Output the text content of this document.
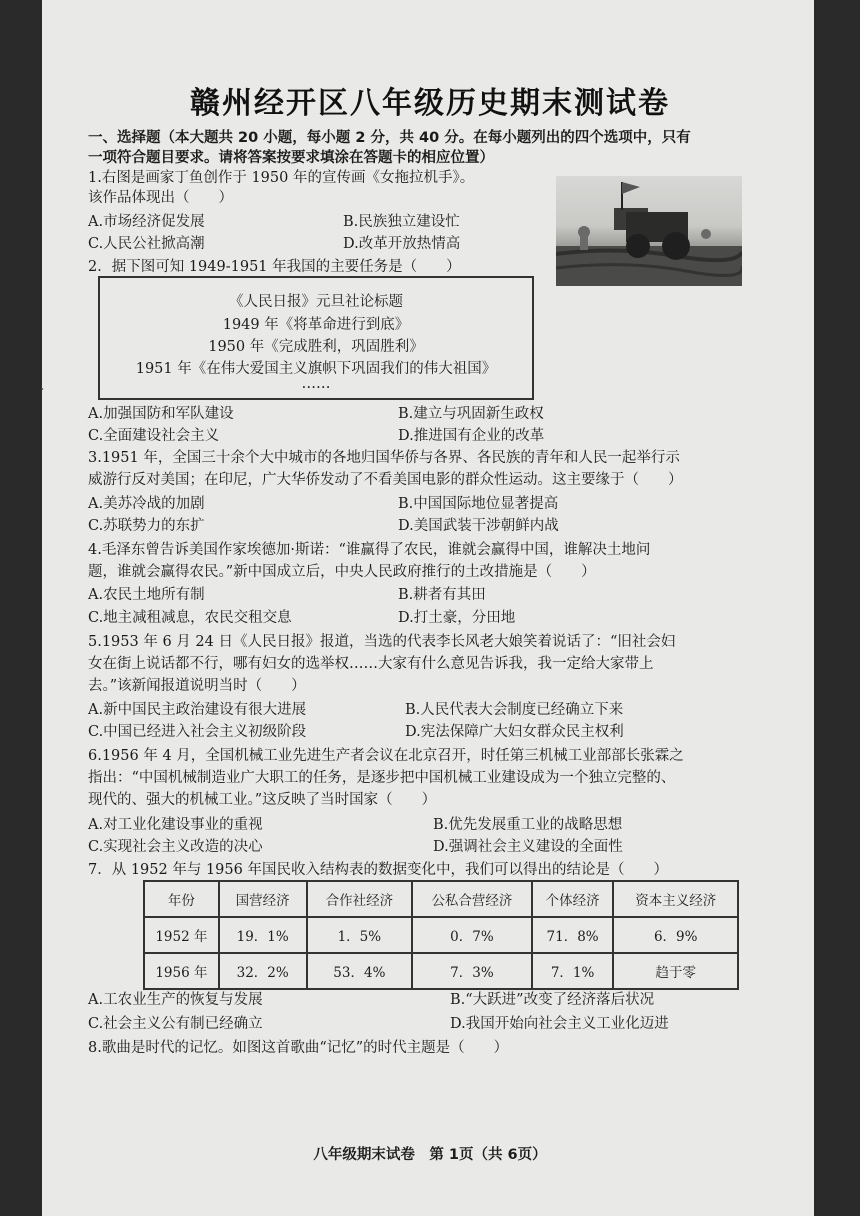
·
赣州经开区八年级历史期末测试卷
一、选择题（本大题共 20 小题，每小题 2 分，共 40 分。在每小题列出的四个选项中，只有
一项符合题目要求。请将答案按要求填涂在答题卡的相应位置）
1.右图是画家丁鱼创作于 1950 年的宣传画《女拖拉机手》。
该作品体现出（　　）
A.市场经济促发展	B.民族独立建设忙
C.人民公社掀高潮	D.改革开放热情高
2．据下图可知 1949-1951 年我国的主要任务是（　　）
《人民日报》元旦社论标题
1949 年《将革命进行到底》
1950 年《完成胜利，巩固胜利》
1951 年《在伟大爱国主义旗帜下巩固我们的伟大祖国》
……
A.加强国防和军队建设	B.建立与巩固新生政权
C.全面建设社会主义	D.推进国有企业的改革
3.1951 年，全国三十余个大中城市的各地归国华侨与各界、各民族的青年和人民一起举行示
威游行反对美国；在印尼，广大华侨发动了不看美国电影的群众性运动。这主要缘于（　　）
A.美苏冷战的加剧	B.中国国际地位显著提高
C.苏联势力的东扩	D.美国武装干涉朝鲜内战
4.毛泽东曾告诉美国作家埃德加·斯诺：“谁赢得了农民，谁就会赢得中国，谁解决土地问
题，谁就会赢得农民。”新中国成立后，中央人民政府推行的土改措施是（　　）
A.农民土地所有制	B.耕者有其田
C.地主减租减息，农民交租交息	D.打土豪，分田地
5.1953 年 6 月 24 日《人民日报》报道，当选的代表李长风老大娘笑着说话了：“旧社会妇
女在街上说话都不行，哪有妇女的选举权……大家有什么意见告诉我，我一定给大家带上
去。”该新闻报道说明当时（　　）
A.新中国民主政治建设有很大进展	B.人民代表大会制度已经确立下来
C.中国已经进入社会主义初级阶段	D.宪法保障广大妇女群众民主权利
6.1956 年 4 月，全国机械工业先进生产者会议在北京召开，时任第三机械工业部部长张霖之
指出：“中国机械制造业广大职工的任务，是逐步把中国机械工业建设成为一个独立完整的、
现代的、强大的机械工业。”这反映了当时国家（　　）
A.对工业化建设事业的重视	B.优先发展重工业的战略思想
C.实现社会主义改造的决心	D.强调社会主义建设的全面性
7．从 1952 年与 1956 年国民收入结构表的数据变化中，我们可以得出的结论是（　　）
年份	国营经济	合作社经济	公私合营经济	个体经济	资本主义经济
1952 年	19．1%	1．5%	0．7%	71．8%	6．9%
1956 年	32．2%	53．4%	7．3%	7．1%	趋于零
A.工农业生产的恢复与发展	B.“大跃进”改变了经济落后状况
C.社会主义公有制已经确立	D.我国开始向社会主义工业化迈进
8.歌曲是时代的记忆。如图这首歌曲“记忆”的时代主题是（　　）
八年级期末试卷　第 1页（共 6页）
